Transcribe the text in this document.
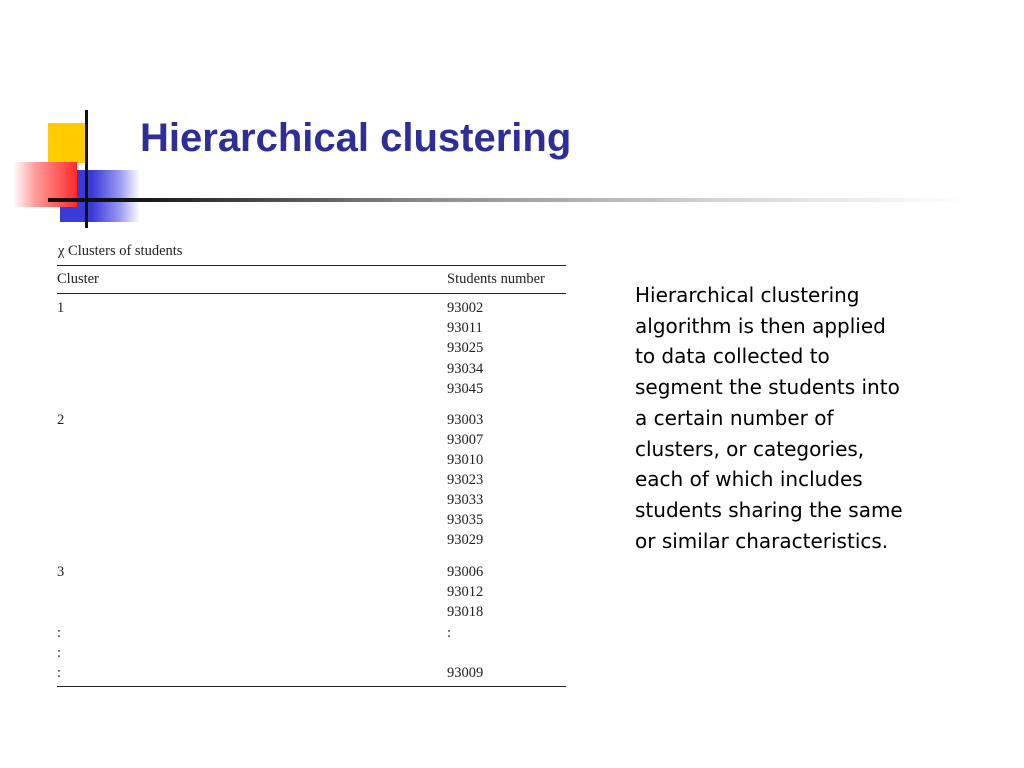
Hierarchical clustering
χ Clusters of students
Cluster	Students number
1	93002
93011
93025
93034
93045
2	93003
93007
93010
93023
93033
93035
93029
3	93006
93012
93018
:	:
:
:	93009

Hierarchical clustering algorithm is then applied to data collected to segment the students into a certain number of clusters, or categories, each of which includes students sharing the same or similar characteristics.
